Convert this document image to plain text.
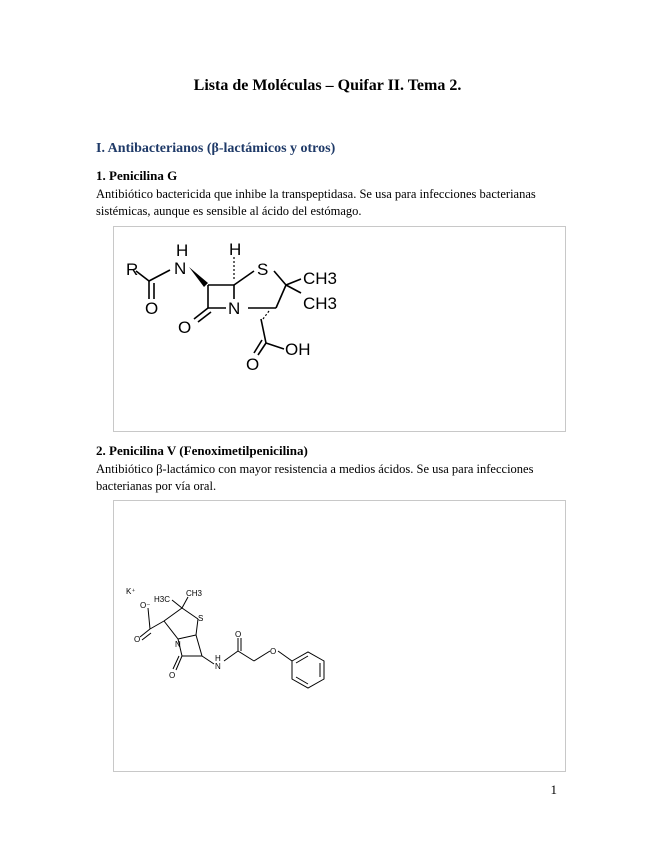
Lista de Moléculas – Quifar II. Tema 2.
I. Antibacterianos (β-lactámicos y otros)
1. Penicilina G
Antibiótico bactericida que inhibe la transpeptidasa. Se usa para infecciones bacterianas sistémicas, aunque es sensible al ácido del estómago.
R
H
N
H
S CH3
CH3
O
O
N
OH
O
2. Penicilina V (Fenoximetilpenicilina)
Antibiótico β-lactámico con mayor resistencia a medios ácidos. Se usa para infecciones bacterianas por vía oral.
K⁺
O⁻
H3C
CH3
S
N
O
O
H
N
O
O
1
